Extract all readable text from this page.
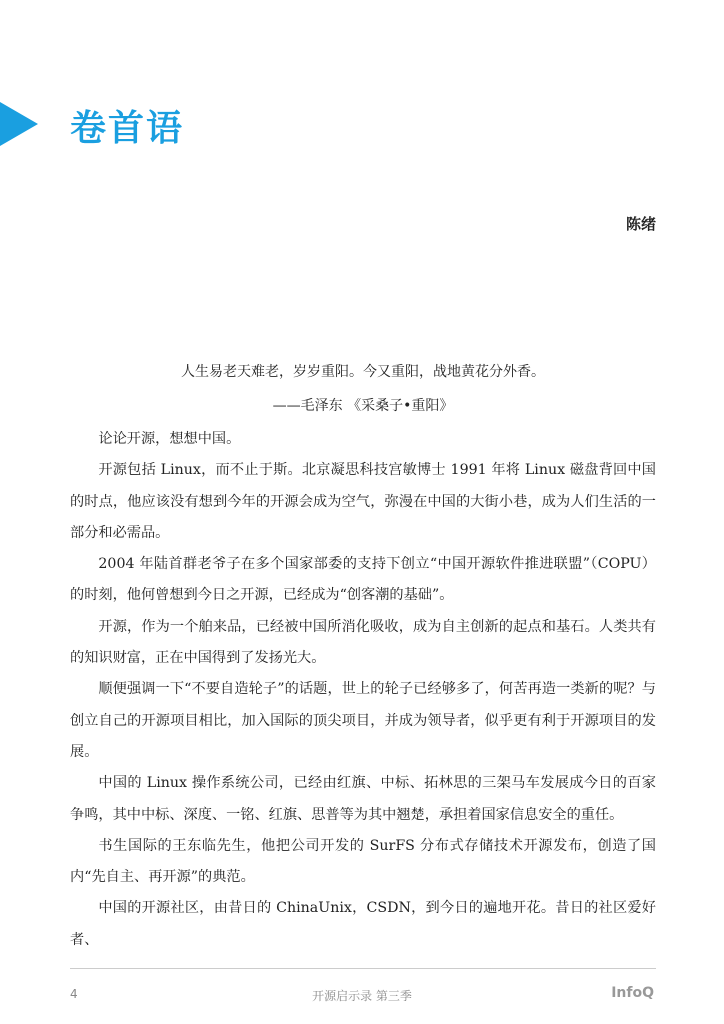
卷首语
陈绪
人生易老天难老，岁岁重阳。今又重阳，战地黄花分外香。
——毛泽东 《采桑子•重阳》

论论开源，想想中国。

开源包括 Linux，而不止于斯。北京凝思科技宫敏博士 1991 年将 Linux 磁盘背回中国的时点，他应该没有想到今年的开源会成为空气，弥漫在中国的大街小巷，成为人们生活的一部分和必需品。

2004 年陆首群老爷子在多个国家部委的支持下创立“中国开源软件推进联盟”（COPU）的时刻，他何曾想到今日之开源，已经成为“创客潮的基础”。

开源，作为一个舶来品，已经被中国所消化吸收，成为自主创新的起点和基石。人类共有的知识财富，正在中国得到了发扬光大。

顺便强调一下“不要自造轮子”的话题，世上的轮子已经够多了，何苦再造一类新的呢？与创立自己的开源项目相比，加入国际的顶尖项目，并成为领导者，似乎更有利于开源项目的发展。

中国的 Linux 操作系统公司，已经由红旗、中标、拓林思的三架马车发展成今日的百家争鸣，其中中标、深度、一铭、红旗、思普等为其中翘楚，承担着国家信息安全的重任。

书生国际的王东临先生，他把公司开发的 SurFS 分布式存储技术开源发布，创造了国内“先自主、再开源”的典范。

中国的开源社区，由昔日的 ChinaUnix，CSDN，到今日的遍地开花。昔日的社区爱好者、

4	开源启示录 第三季	InfoQ
